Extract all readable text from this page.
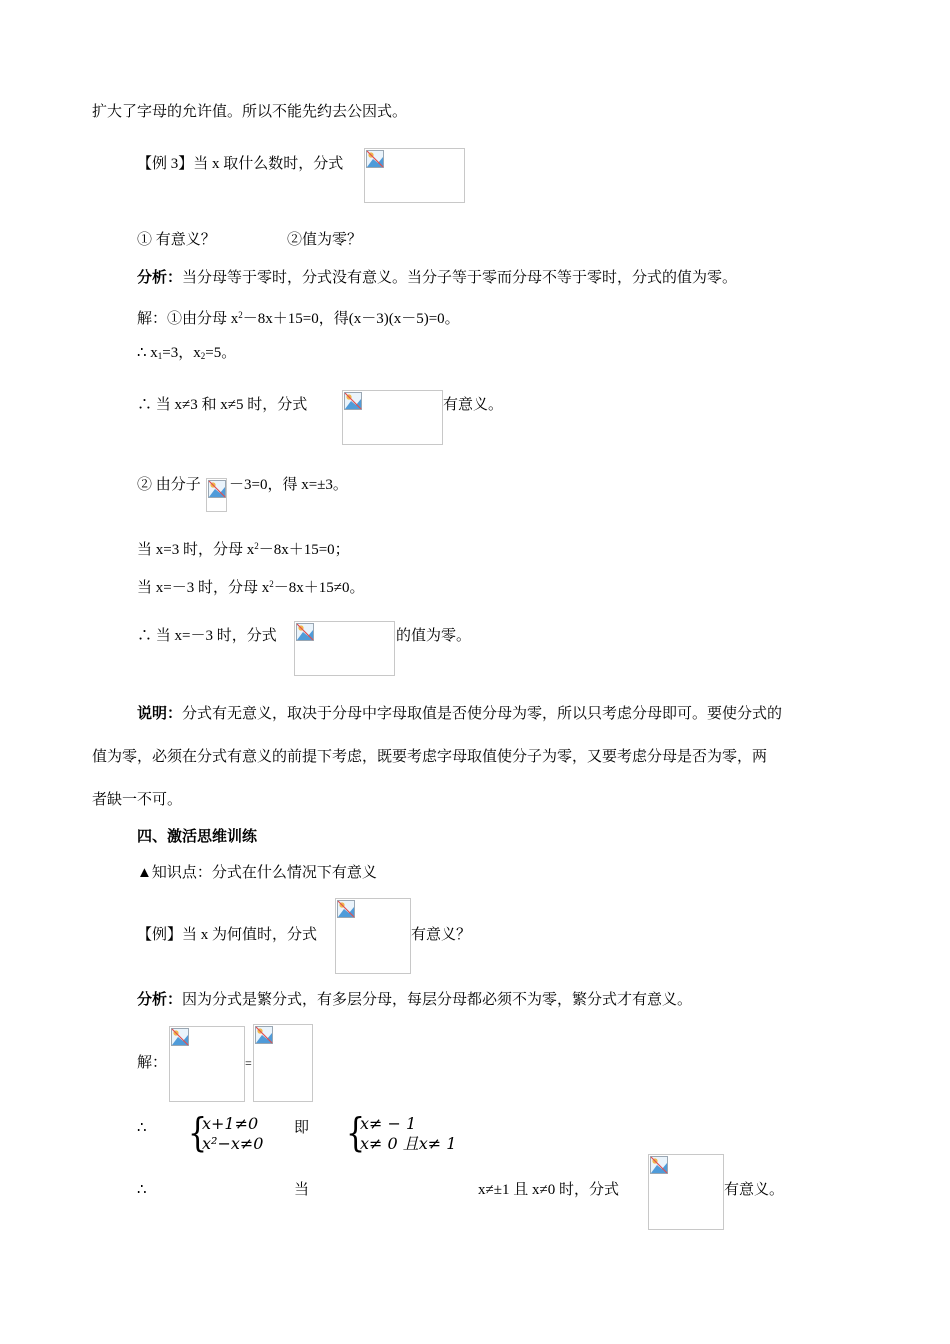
扩大了字母的允许值。所以不能先约去公因式。
【例 3】当 x 取什么数时，分式
① 有意义？	②值为零？
分析：当分母等于零时，分式没有意义。当分子等于零而分母不等于零时，分式的值为零。
解：①由分母 $x^2-8x+15=0$，得(x－3)(x－5)=0。
∴ $x_1=3$，$x_2=5$。
∴ 当 x≠3 和 x≠5 时，分式	有意义。
② 由分子 －3=0，得 x=±3。
当 x=3 时，分母 $x^2-8x+15=0$；
当 x=－3 时，分母 $x^2-8x+15\ne 0$。
∴ 当 x=－3 时，分式	的值为零。
说明：分式有无意义，取决于分母中字母取值是否使分母为零，所以只考虑分母即可。要使分式的
值为零，必须在分式有意义的前提下考虑，既要考虑字母取值使分子为零，又要考虑分母是否为零，两
者缺一不可。
四、激活思维训练
▲知识点：分式在什么情况下有意义
【例】当 x 为何值时，分式	有意义？
分析：因为分式是繁分式，有多层分母，每层分母都必须不为零，繁分式才有意义。
解：	=
∴ {
x+1≠0
x²−x≠0
即 {
x≠ − 1
x≠ 0 且x≠ 1
∴	当	x≠±1 且 x≠0 时，分式	有意义。
